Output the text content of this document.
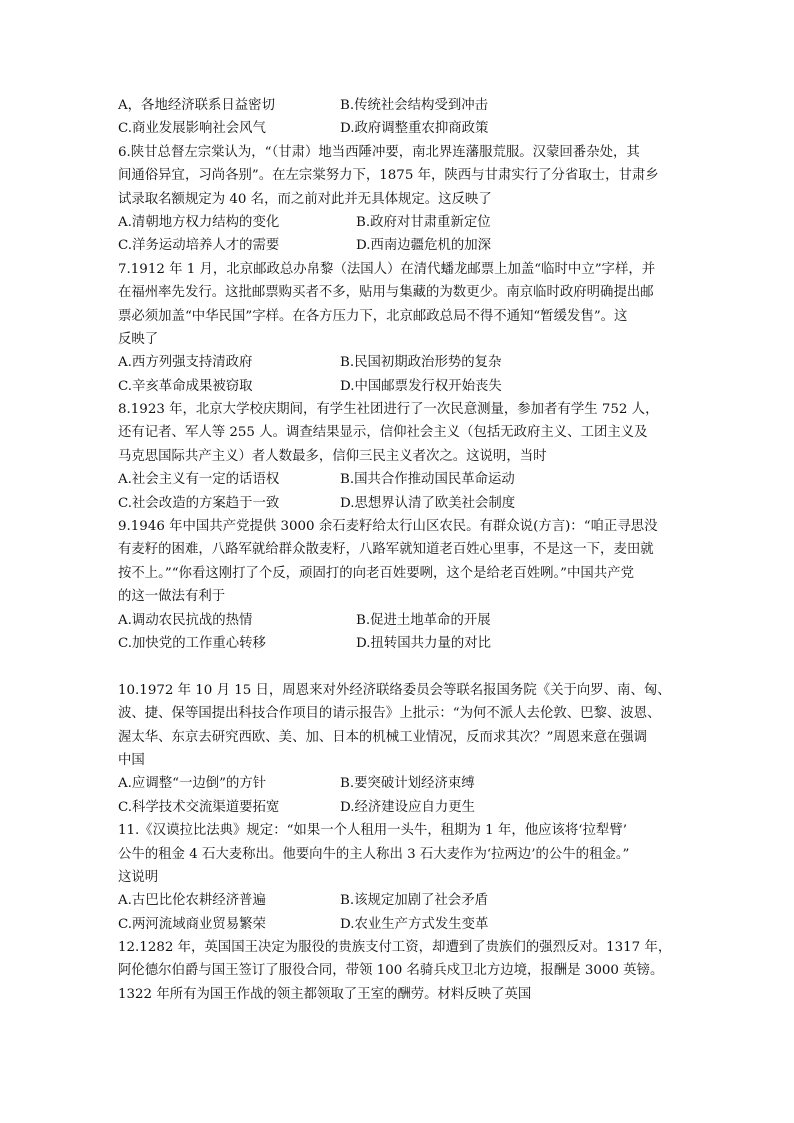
A，各地经济联系日益密切	B.传统社会结构受到冲击
C.商业发展影响社会风气	D.政府调整重农抑商政策
6.陕甘总督左宗棠认为，“（甘肃）地当西陲冲要，南北界连藩服荒服。汉蒙回番杂处，其
间通俗异宜，习尚各别”。在左宗棠努力下，1875 年，陕西与甘肃实行了分省取士，甘肃乡
试录取名额规定为 40 名，而之前对此并无具体规定。这反映了
A.清朝地方权力结构的变化	B.政府对甘肃重新定位
C.洋务运动培养人才的需要	D.西南边疆危机的加深
7.1912 年 1 月，北京邮政总办帛黎（法国人）在清代蟠龙邮票上加盖“临时中立”字样，并
在福州率先发行。这批邮票购买者不多，贴用与集藏的为数更少。南京临时政府明确提出邮
票必须加盖“中华民国”字样。在各方压力下，北京邮政总局不得不通知“暂缓发售”。这
反映了
A.西方列强支持清政府	B.民国初期政治形势的复杂
C.辛亥革命成果被窃取	D.中国邮票发行权开始丧失
8.1923 年，北京大学校庆期间，有学生社团进行了一次民意测量，参加者有学生 752 人，
还有记者、军人等 255 人。调查结果显示，信仰社会主义（包括无政府主义、工团主义及
马克思国际共产主义）者人数最多，信仰三民主义者次之。这说明，当时
A.社会主义有一定的话语权	B.国共合作推动国民革命运动
C.社会改造的方案趋于一致	D.思想界认清了欧美社会制度
9.1946 年中国共产党提供 3000 余石麦籽给太行山区农民。有群众说(方言)：“咱正寻思没
有麦籽的困难，八路军就给群众散麦籽，八路军就知道老百姓心里事，不是这一下，麦田就
按不上。”“你看这刚打了个反，顽固打的向老百姓要咧，这个是给老百姓咧。”中国共产党
的这一做法有利于
A.调动农民抗战的热情	B.促进土地革命的开展
C.加快党的工作重心转移	D.扭转国共力量的对比
10.1972 年 10 月 15 日，周恩来对外经济联络委员会等联名报国务院《关于向罗、南、匈、
波、捷、保等国提出科技合作项目的请示报告》上批示：“为何不派人去伦敦、巴黎、波恩、
渥太华、东京去研究西欧、美、加、日本的机械工业情况，反而求其次？”周恩来意在强调
中国
A.应调整“一边倒”的方针	B.要突破计划经济束缚
C.科学技术交流渠道要拓宽	D.经济建设应自力更生
11.《汉谟拉比法典》规定：“如果一个人租用一头牛，租期为 1 年，他应该将‘拉犁臂’
公牛的租金 4 石大麦称出。他要向牛的主人称出 3 石大麦作为‘拉两边’的公牛的租金。”
这说明
A.古巴比伦农耕经济普遍	B.该规定加剧了社会矛盾
C.两河流域商业贸易繁荣	D.农业生产方式发生变革
12.1282 年，英国国王决定为服役的贵族支付工资，却遭到了贵族们的强烈反对。1317 年，
阿伦德尔伯爵与国王签订了服役合同，带领 100 名骑兵戍卫北方边境，报酬是 3000 英镑。
1322 年所有为国王作战的领主都领取了王室的酬劳。材料反映了英国
